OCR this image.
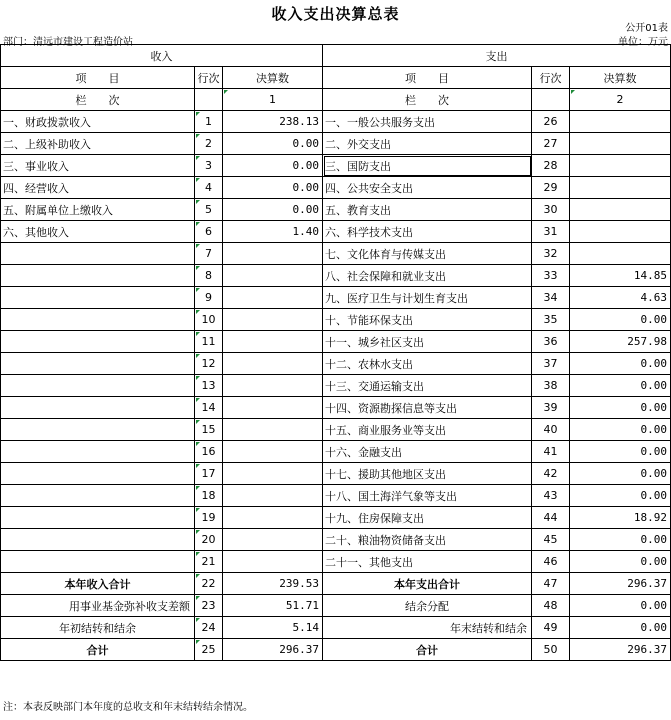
收入支出决算总表
公开01表
部门：清远市建设工程造价站	单位：万元
收入			支出		
项　　目	行次	决算数	项　　目	行次	决算数
栏　　次		1	栏　　次		2
一、财政拨款收入	1	238.13	一、一般公共服务支出	26	
二、上级补助收入	2	0.00	二、外交支出	27	
三、事业收入	3	0.00	三、国防支出	28	
四、经营收入	4	0.00	四、公共安全支出	29	
五、附属单位上缴收入	5	0.00	五、教育支出	30	
六、其他收入	6	1.40	六、科学技术支出	31	
	7		七、文化体育与传媒支出	32	
	8		八、社会保障和就业支出	33	14.85
	9		九、医疗卫生与计划生育支出	34	4.63
	10		十、节能环保支出	35	0.00
	11		十一、城乡社区支出	36	257.98
	12		十二、农林水支出	37	0.00
	13		十三、交通运输支出	38	0.00
	14		十四、资源勘探信息等支出	39	0.00
	15		十五、商业服务业等支出	40	0.00
	16		十六、金融支出	41	0.00
	17		十七、援助其他地区支出	42	0.00
	18		十八、国土海洋气象等支出	43	0.00
	19		十九、住房保障支出	44	18.92
	20		二十、粮油物资储备支出	45	0.00
	21		二十一、其他支出	46	0.00
本年收入合计	22	239.53	本年支出合计	47	296.37
用事业基金弥补收支差额	23	51.71	结余分配	48	0.00
年初结转和结余	24	5.14	年末结转和结余	49	0.00
合计	25	296.37	合计	50	296.37
注：本表反映部门本年度的总收支和年末结转结余情况。
